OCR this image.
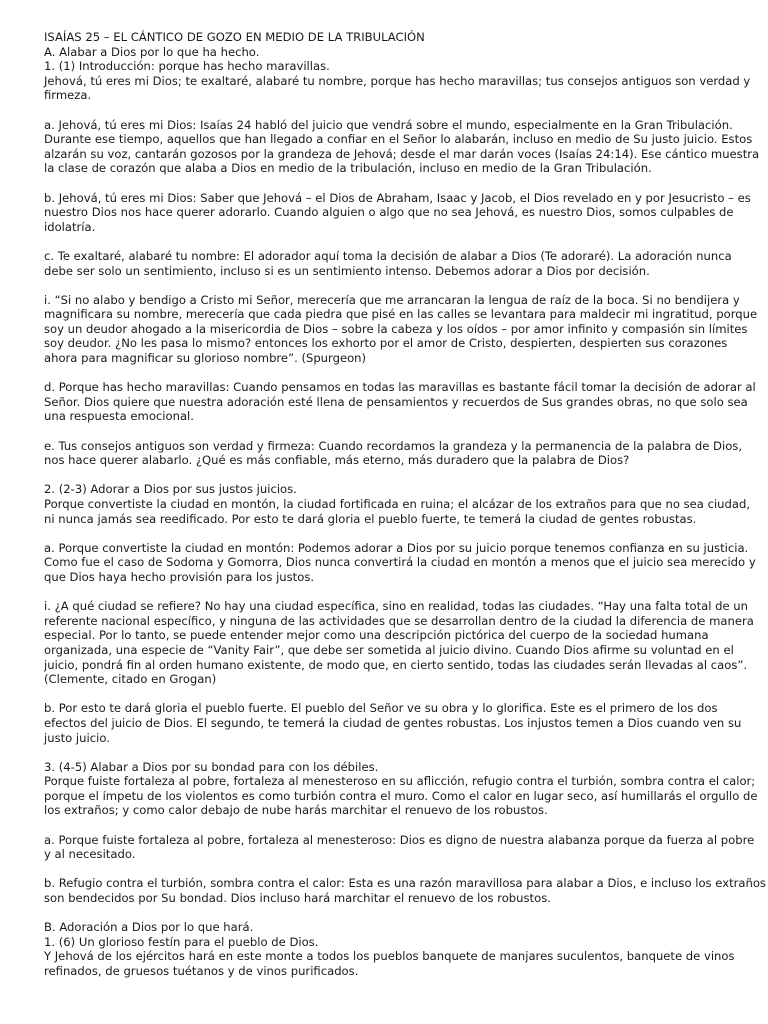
ISAÍAS 25 – EL CÁNTICO DE GOZO EN MEDIO DE LA TRIBULACIÓN
A. Alabar a Dios por lo que ha hecho.
1. (1) Introducción: porque has hecho maravillas.
Jehová, tú eres mi Dios; te exaltaré, alabaré tu nombre, porque has hecho maravillas; tus consejos antiguos son verdad y
firmeza.
a. Jehová, tú eres mi Dios: Isaías 24 habló del juicio que vendrá sobre el mundo, especialmente en la Gran Tribulación.
Durante ese tiempo, aquellos que han llegado a confiar en el Señor lo alabarán, incluso en medio de Su justo juicio. Estos
alzarán su voz, cantarán gozosos por la grandeza de Jehová; desde el mar darán voces (Isaías 24:14). Ese cántico muestra
la clase de corazón que alaba a Dios en medio de la tribulación, incluso en medio de la Gran Tribulación.
b. Jehová, tú eres mi Dios: Saber que Jehová – el Dios de Abraham, Isaac y Jacob, el Dios revelado en y por Jesucristo – es
nuestro Dios nos hace querer adorarlo. Cuando alguien o algo que no sea Jehová, es nuestro Dios, somos culpables de
idolatría.
c. Te exaltaré, alabaré tu nombre: El adorador aquí toma la decisión de alabar a Dios (Te adoraré). La adoración nunca
debe ser solo un sentimiento, incluso si es un sentimiento intenso. Debemos adorar a Dios por decisión.
i. “Si no alabo y bendigo a Cristo mi Señor, merecería que me arrancaran la lengua de raíz de la boca. Si no bendijera y
magnificara su nombre, merecería que cada piedra que pisé en las calles se levantara para maldecir mi ingratitud, porque
soy un deudor ahogado a la misericordia de Dios – sobre la cabeza y los oídos – por amor infinito y compasión sin límites
soy deudor. ¿No les pasa lo mismo? entonces los exhorto por el amor de Cristo, despierten, despierten sus corazones
ahora para magnificar su glorioso nombre”. (Spurgeon)
d. Porque has hecho maravillas: Cuando pensamos en todas las maravillas es bastante fácil tomar la decisión de adorar al
Señor. Dios quiere que nuestra adoración esté llena de pensamientos y recuerdos de Sus grandes obras, no que solo sea
una respuesta emocional.
e. Tus consejos antiguos son verdad y firmeza: Cuando recordamos la grandeza y la permanencia de la palabra de Dios,
nos hace querer alabarlo. ¿Qué es más confiable, más eterno, más duradero que la palabra de Dios?
2. (2-3) Adorar a Dios por sus justos juicios.
Porque convertiste la ciudad en montón, la ciudad fortificada en ruina; el alcázar de los extraños para que no sea ciudad,
ni nunca jamás sea reedificado. Por esto te dará gloria el pueblo fuerte, te temerá la ciudad de gentes robustas.
a. Porque convertiste la ciudad en montón: Podemos adorar a Dios por su juicio porque tenemos confianza en su justicia.
Como fue el caso de Sodoma y Gomorra, Dios nunca convertirá la ciudad en montón a menos que el juicio sea merecido y
que Dios haya hecho provisión para los justos.
i. ¿A qué ciudad se refiere? No hay una ciudad específica, sino en realidad, todas las ciudades. “Hay una falta total de un
referente nacional específico, y ninguna de las actividades que se desarrollan dentro de la ciudad la diferencia de manera
especial. Por lo tanto, se puede entender mejor como una descripción pictórica del cuerpo de la sociedad humana
organizada, una especie de “Vanity Fair”, que debe ser sometida al juicio divino. Cuando Dios afirme su voluntad en el
juicio, pondrá fin al orden humano existente, de modo que, en cierto sentido, todas las ciudades serán llevadas al caos”.
(Clemente, citado en Grogan)
b. Por esto te dará gloria el pueblo fuerte. El pueblo del Señor ve su obra y lo glorifica. Este es el primero de los dos
efectos del juicio de Dios. El segundo, te temerá la ciudad de gentes robustas. Los injustos temen a Dios cuando ven su
justo juicio.
3. (4-5) Alabar a Dios por su bondad para con los débiles.
Porque fuiste fortaleza al pobre, fortaleza al menesteroso en su aflicción, refugio contra el turbión, sombra contra el calor;
porque el ímpetu de los violentos es como turbión contra el muro. Como el calor en lugar seco, así humillarás el orgullo de
los extraños; y como calor debajo de nube harás marchitar el renuevo de los robustos.
a. Porque fuiste fortaleza al pobre, fortaleza al menesteroso: Dios es digno de nuestra alabanza porque da fuerza al pobre
y al necesitado.
b. Refugio contra el turbión, sombra contra el calor: Esta es una razón maravillosa para alabar a Dios, e incluso los extraños
son bendecidos por Su bondad. Dios incluso hará marchitar el renuevo de los robustos.
B. Adoración a Dios por lo que hará.
1. (6) Un glorioso festín para el pueblo de Dios.
Y Jehová de los ejércitos hará en este monte a todos los pueblos banquete de manjares suculentos, banquete de vinos
refinados, de gruesos tuétanos y de vinos purificados.
